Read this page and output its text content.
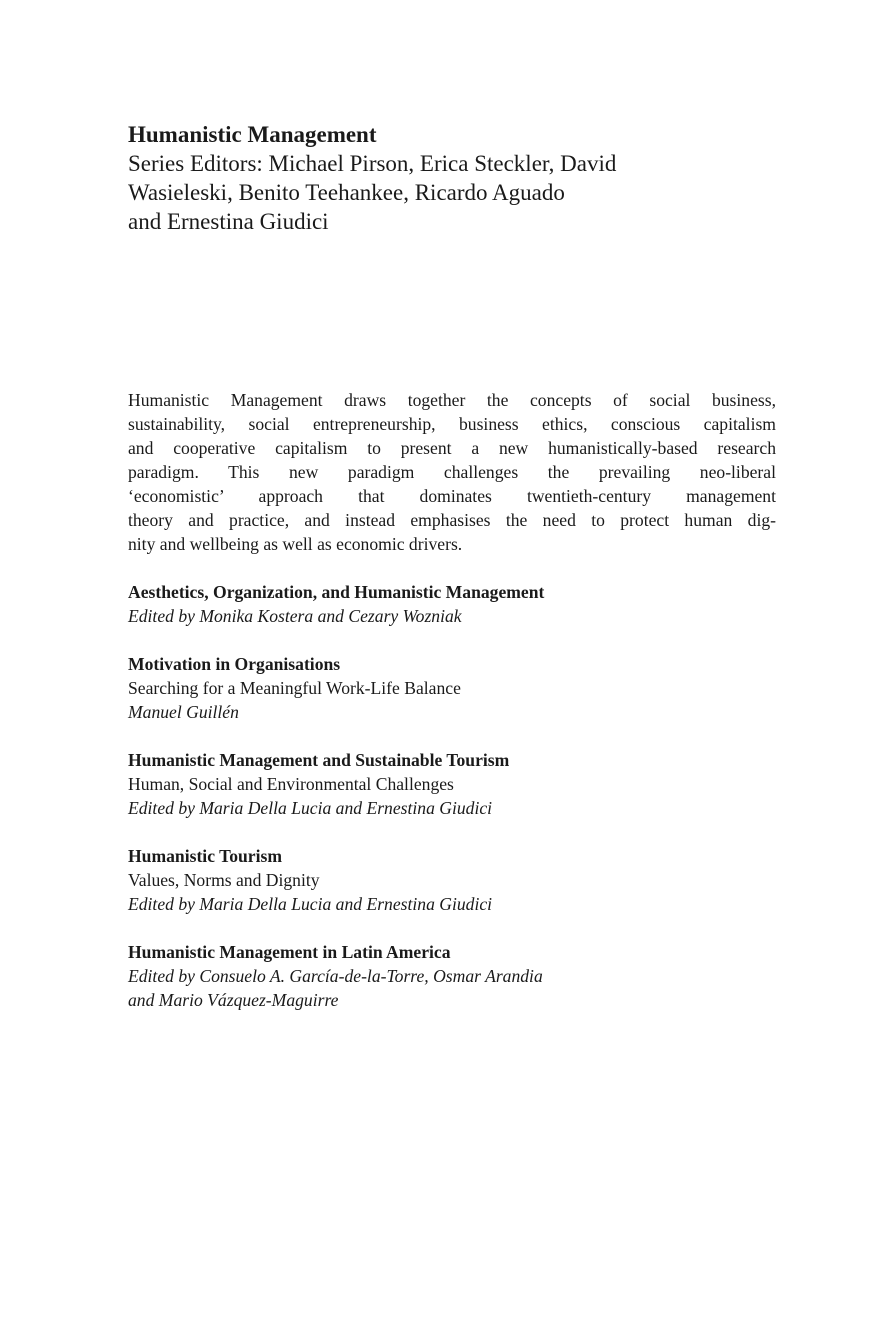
Humanistic Management
Series Editors: Michael Pirson, Erica Steckler, David
Wasieleski, Benito Teehankee, Ricardo Aguado
and Ernestina Giudici
Humanistic Management draws together the concepts of social business,
sustainability, social entrepreneurship, business ethics, conscious capitalism
and cooperative capitalism to present a new humanistically-based research
paradigm. This new paradigm challenges the prevailing neo-liberal
‘economistic’ approach that dominates twentieth-century management
theory and practice, and instead emphasises the need to protect human dig-
nity and wellbeing as well as economic drivers.
Aesthetics, Organization, and Humanistic Management
Edited by Monika Kostera and Cezary Wozniak
Motivation in Organisations
Searching for a Meaningful Work-Life Balance
Manuel Guillén
Humanistic Management and Sustainable Tourism
Human, Social and Environmental Challenges
Edited by Maria Della Lucia and Ernestina Giudici
Humanistic Tourism
Values, Norms and Dignity
Edited by Maria Della Lucia and Ernestina Giudici
Humanistic Management in Latin America
Edited by Consuelo A. García-de-la-Torre, Osmar Arandia
and Mario Vázquez-Maguirre
